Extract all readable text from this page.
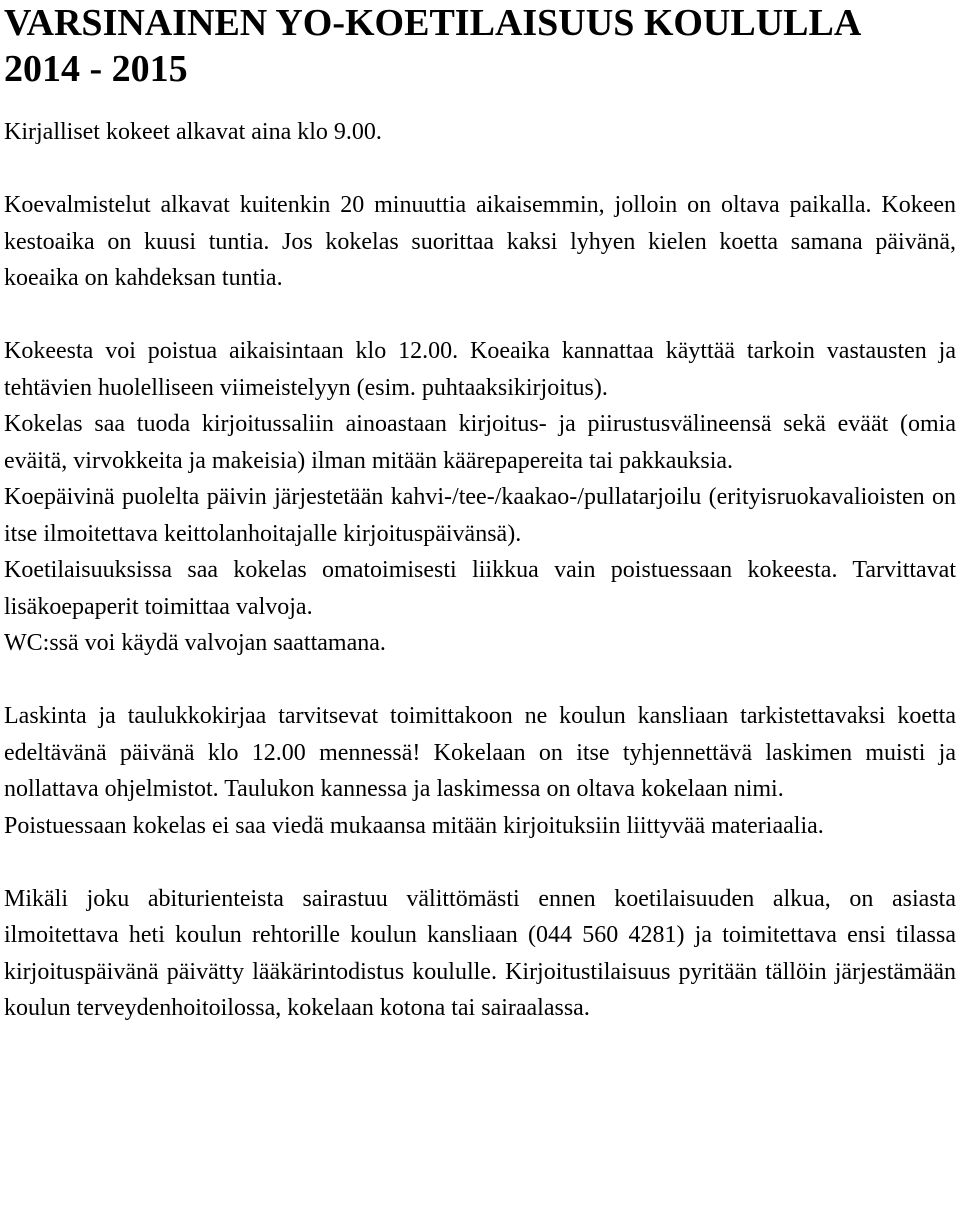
VARSINAINEN YO-KOETILAISUUS KOULULLA
2014 - 2015

Kirjalliset kokeet alkavat aina klo 9.00.

Koevalmistelut alkavat kuitenkin 20 minuuttia aikaisemmin, jolloin on oltava paikalla. Kokeen kestoaika on kuusi tuntia. Jos kokelas suorittaa kaksi lyhyen kielen koetta samana päivänä, koeaika on kahdeksan tuntia.

Kokeesta voi poistua aikaisintaan klo 12.00. Koeaika kannattaa käyttää tarkoin vastausten ja tehtävien huolelliseen viimeistelyyn (esim. puhtaaksikirjoitus).

Kokelas saa tuoda kirjoitussaliin ainoastaan kirjoitus- ja piirustusvälineensä sekä eväät (omia eväitä, virvokkeita ja makeisia) ilman mitään käärepapereita tai pakkauksia.

Koepäivinä puolelta päivin järjestetään kahvi-/tee-/kaakao-/pullatarjoilu (erityisruokavalioisten on itse ilmoitettava keittolanhoitajalle kirjoituspäivänsä).

Koetilaisuuksissa saa kokelas omatoimisesti liikkua vain poistuessaan kokeesta. Tarvittavat lisäkoepaperit toimittaa valvoja.

WC:ssä voi käydä valvojan saattamana.

Laskinta ja taulukkokirjaa tarvitsevat toimittakoon ne koulun kansliaan tarkistettavaksi koetta edeltävänä päivänä klo 12.00 mennessä! Kokelaan on itse tyhjennettävä laskimen muisti ja nollattava ohjelmistot. Taulukon kannessa ja laskimessa on oltava kokelaan nimi.

Poistuessaan kokelas ei saa viedä mukaansa mitään kirjoituksiin liittyvää materiaalia.

Mikäli joku abiturienteista sairastuu välittömästi ennen koetilaisuuden alkua, on asiasta ilmoitettava heti koulun rehtorille koulun kansliaan (044 560 4281) ja toimitettava ensi tilassa kirjoituspäivänä päivätty lääkärintodistus koululle. Kirjoitustilaisuus pyritään tällöin järjestämään koulun terveydenhoitoilossa, kokelaan kotona tai sairaalassa.
